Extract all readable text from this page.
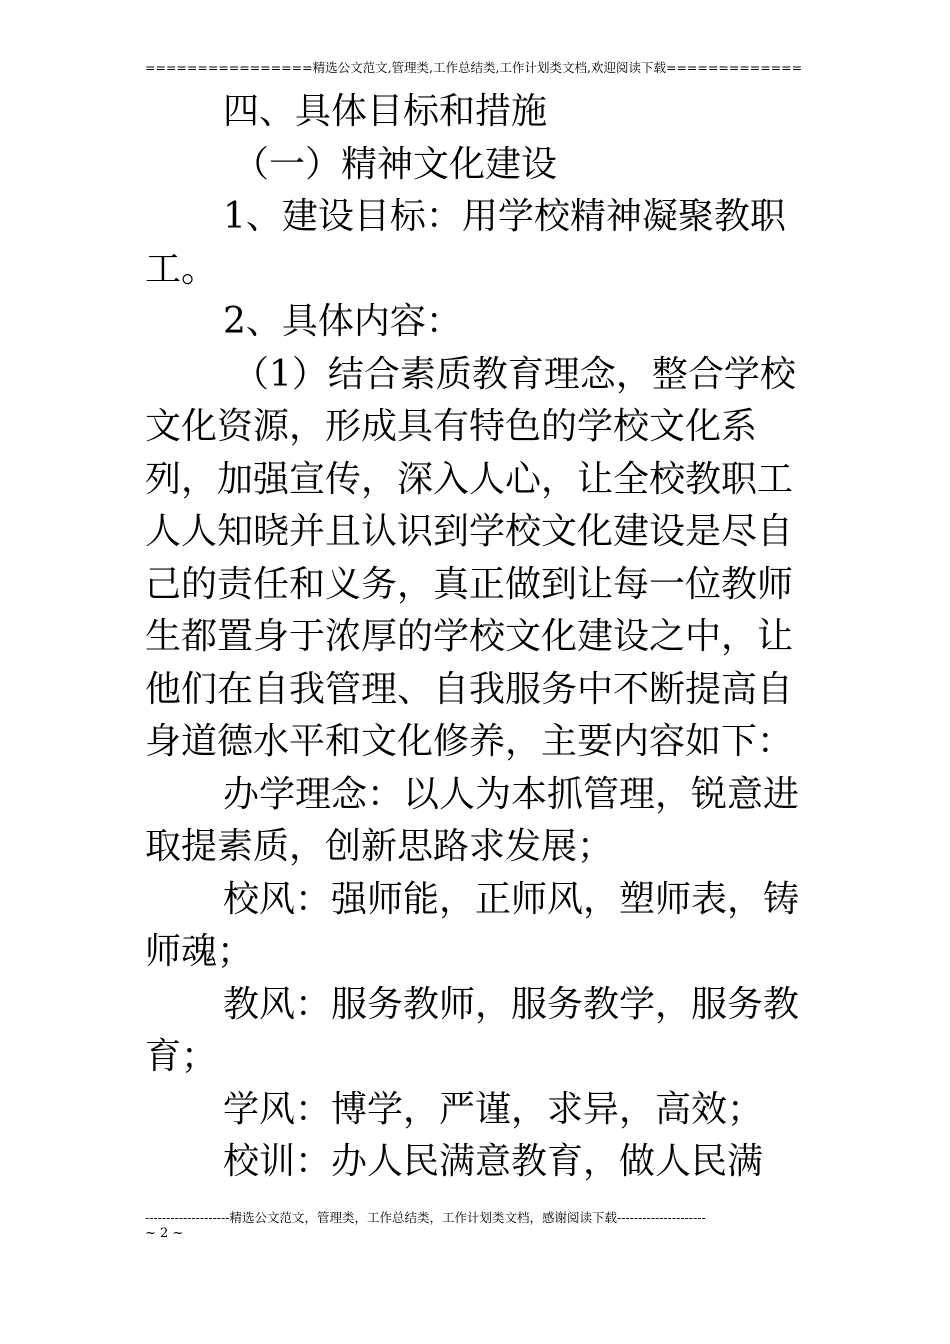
================精选公文范文,管理类,工作总结类,工作计划类文档,欢迎阅读下载=============

四、具体目标和措施

（一）精神文化建设

1、建设目标：用学校精神凝聚教职工。

2、具体内容：

（1）结合素质教育理念，整合学校文化资源，形成具有特色的学校文化系列，加强宣传，深入人心，让全校教职工人人知晓并且认识到学校文化建设是尽自己的责任和义务，真正做到让每一位教师生都置身于浓厚的学校文化建设之中，让他们在自我管理、自我服务中不断提高自身道德水平和文化修养，主要内容如下：

办学理念：以人为本抓管理，锐意进取提素质，创新思路求发展；

校风：强师能，正师风，塑师表，铸师魂；

教风：服务教师，服务教学，服务教育；

学风：博学，严谨，求异，高效；

校训：办人民满意教育，做人民满

--------------------精选公文范文，管理类，工作总结类，工作计划类文档，感谢阅读下载---------------------
~ 2 ~
